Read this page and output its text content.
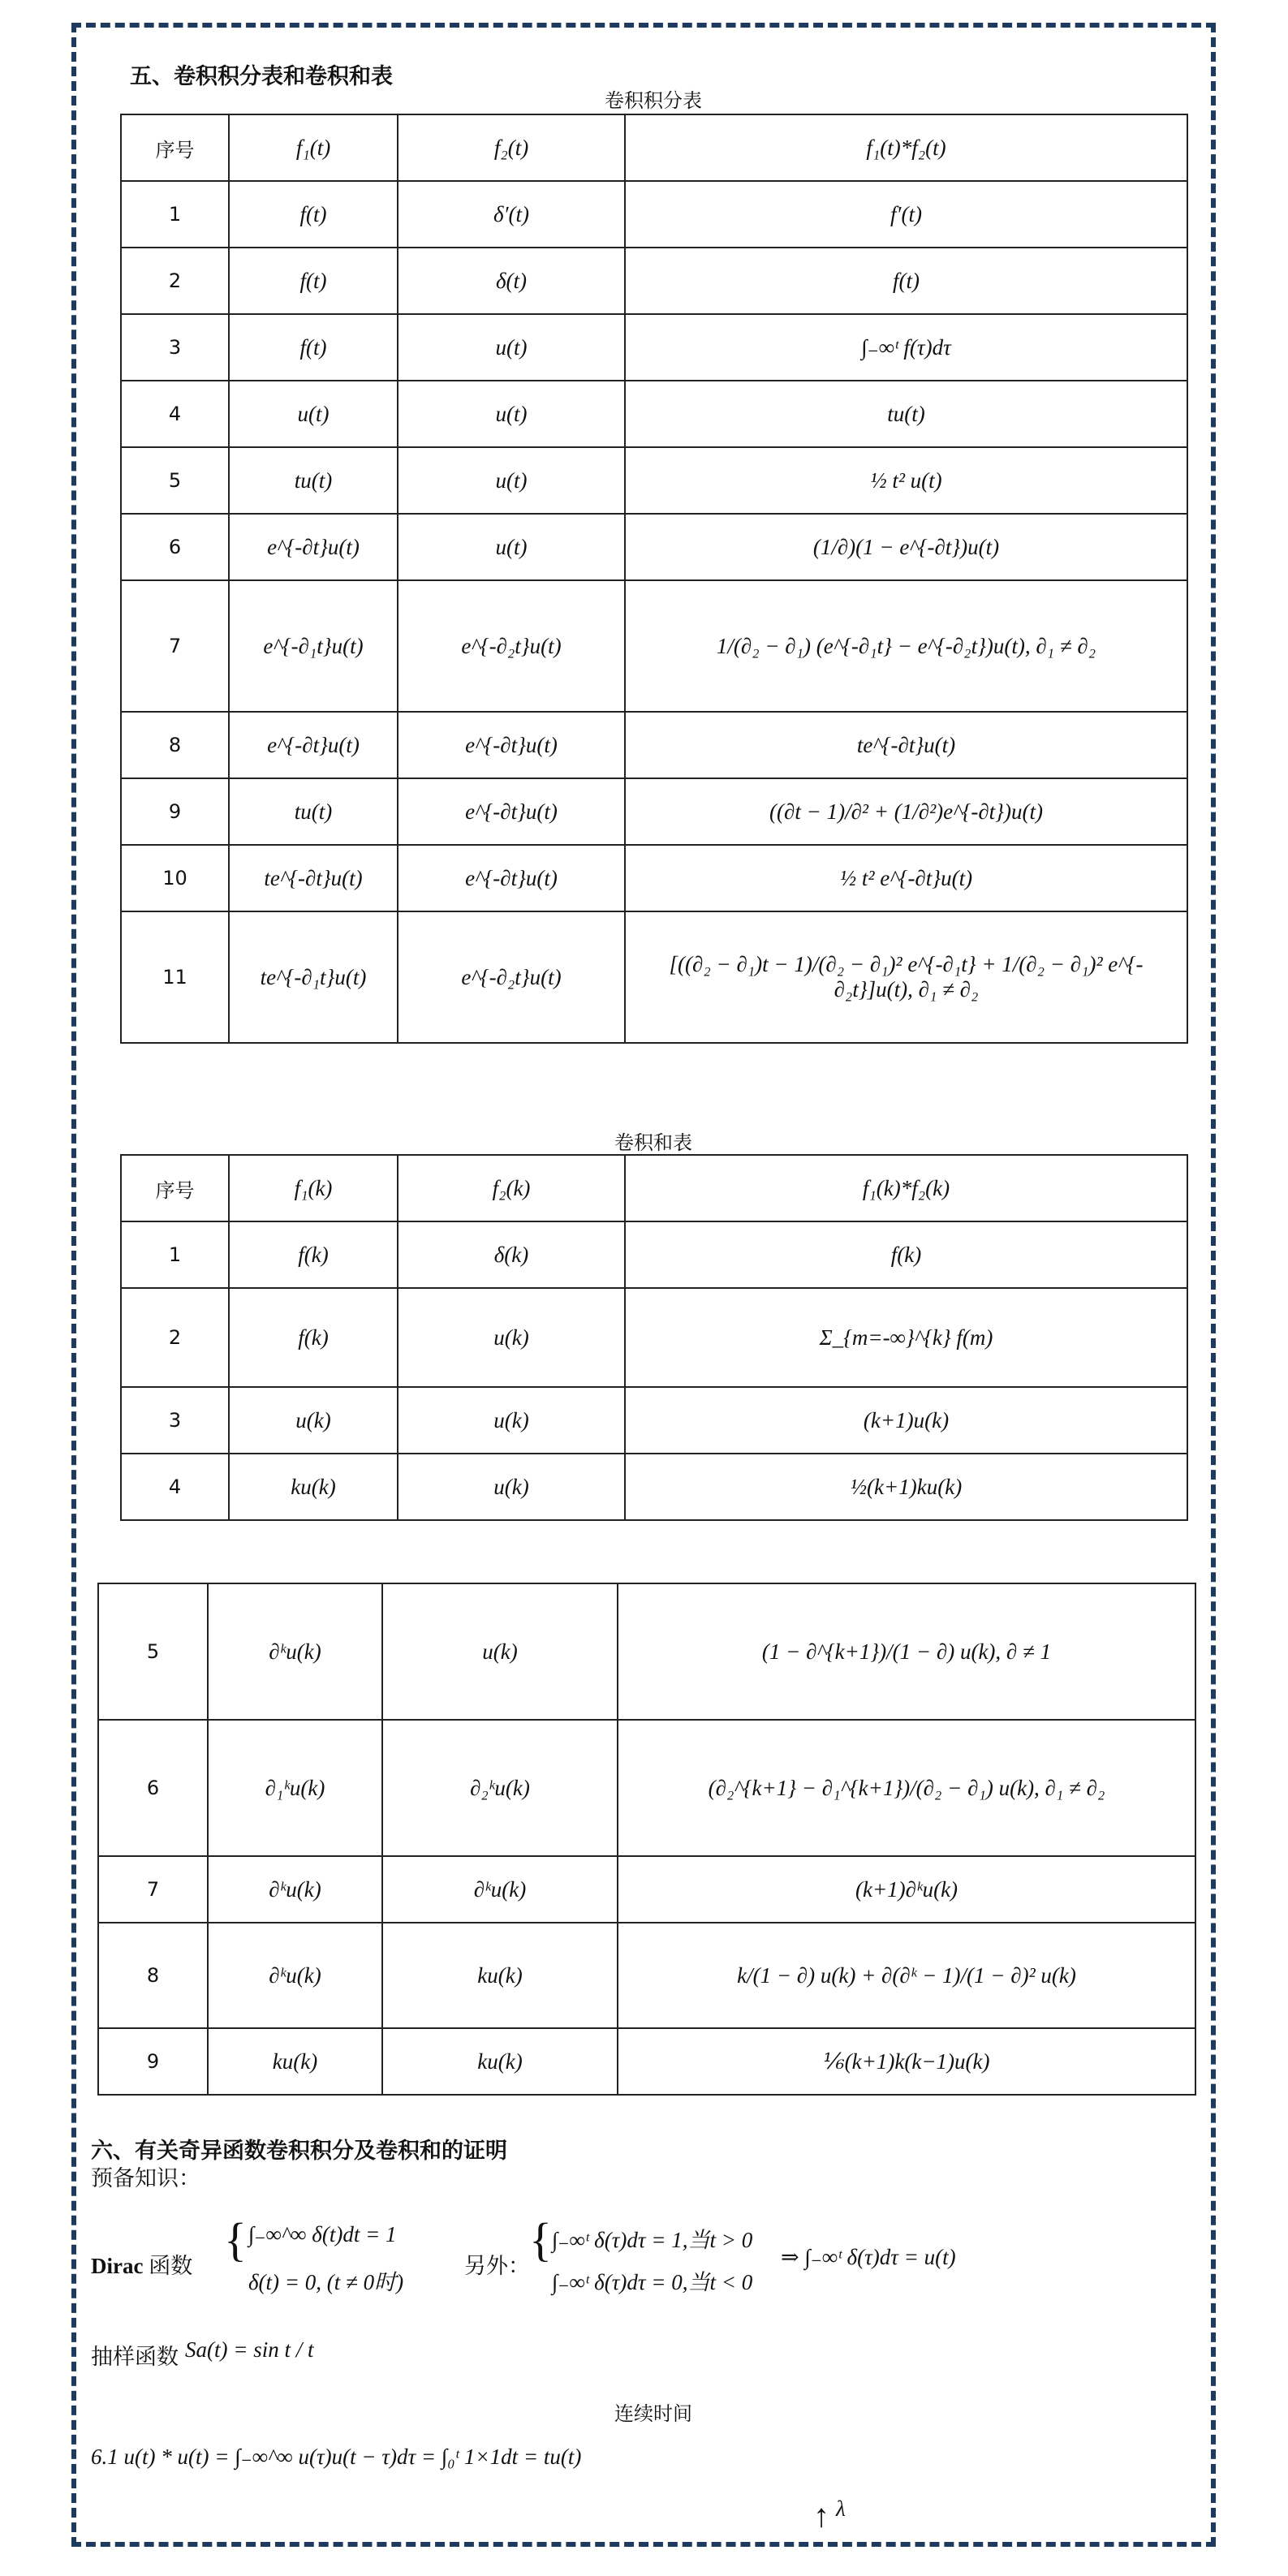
五、卷积积分表和卷积和表
卷积积分表
序号	f₁(t)	f₂(t)	f₁(t)*f₂(t)
1	f(t)	δ′(t)	f′(t)
2	f(t)	δ(t)	f(t)
3	f(t)	u(t)	∫₋∞ᵗ f(τ)dτ
4	u(t)	u(t)	tu(t)
5	tu(t)	u(t)	½ t² u(t)
6	e^{-∂t}u(t)	u(t)	(1/∂)(1 − e^{-∂t})u(t)
7	e^{-∂₁t}u(t)	e^{-∂₂t}u(t)	1/(∂₂ − ∂₁) (e^{-∂₁t} − e^{-∂₂t})u(t), ∂₁ ≠ ∂₂
8	e^{-∂t}u(t)	e^{-∂t}u(t)	te^{-∂t}u(t)
9	tu(t)	e^{-∂t}u(t)	((∂t − 1)/∂² + (1/∂²)e^{-∂t})u(t)
10	te^{-∂t}u(t)	e^{-∂t}u(t)	½ t² e^{-∂t}u(t)
11	te^{-∂₁t}u(t)	e^{-∂₂t}u(t)	[((∂₂ − ∂₁)t − 1)/(∂₂ − ∂₁)² e^{-∂₁t} + 1/(∂₂ − ∂₁)² e^{-∂₂t}]u(t), ∂₁ ≠ ∂₂
卷积和表
序号	f₁(k)	f₂(k)	f₁(k)*f₂(k)
1	f(k)	δ(k)	f(k)
2	f(k)	u(k)	Σ_{m=-∞}^{k} f(m)
3	u(k)	u(k)	(k+1)u(k)
4	ku(k)	u(k)	½(k+1)ku(k)
5	∂ᵏu(k)	u(k)	(1 − ∂^{k+1})/(1 − ∂) u(k), ∂ ≠ 1
6	∂₁ᵏu(k)	∂₂ᵏu(k)	(∂₂^{k+1} − ∂₁^{k+1})/(∂₂ − ∂₁) u(k), ∂₁ ≠ ∂₂
7	∂ᵏu(k)	∂ᵏu(k)	(k+1)∂ᵏu(k)
8	∂ᵏu(k)	ku(k)	k/(1 − ∂) u(k) + ∂(∂ᵏ − 1)/(1 − ∂)² u(k)
9	ku(k)	ku(k)	⅙(k+1)k(k−1)u(k)
六、有关奇异函数卷积积分及卷积和的证明
预备知识：
Dirac 函数
{ ∫₋∞^∞ δ(t)dt = 1
δ(t) = 0, (t ≠ 0时)
另外：
{ ∫₋∞ᵗ δ(τ)dτ = 1,当t > 0
∫₋∞ᵗ δ(τ)dτ = 0,当t < 0
⇒ ∫₋∞ᵗ δ(τ)dτ = u(t)
抽样函数 Sa(t) = sin t / t
连续时间
6.1 u(t) * u(t) = ∫₋∞^∞ u(τ)u(t − τ)dτ = ∫₀ᵗ 1×1dt = tu(t)
↑ λ
